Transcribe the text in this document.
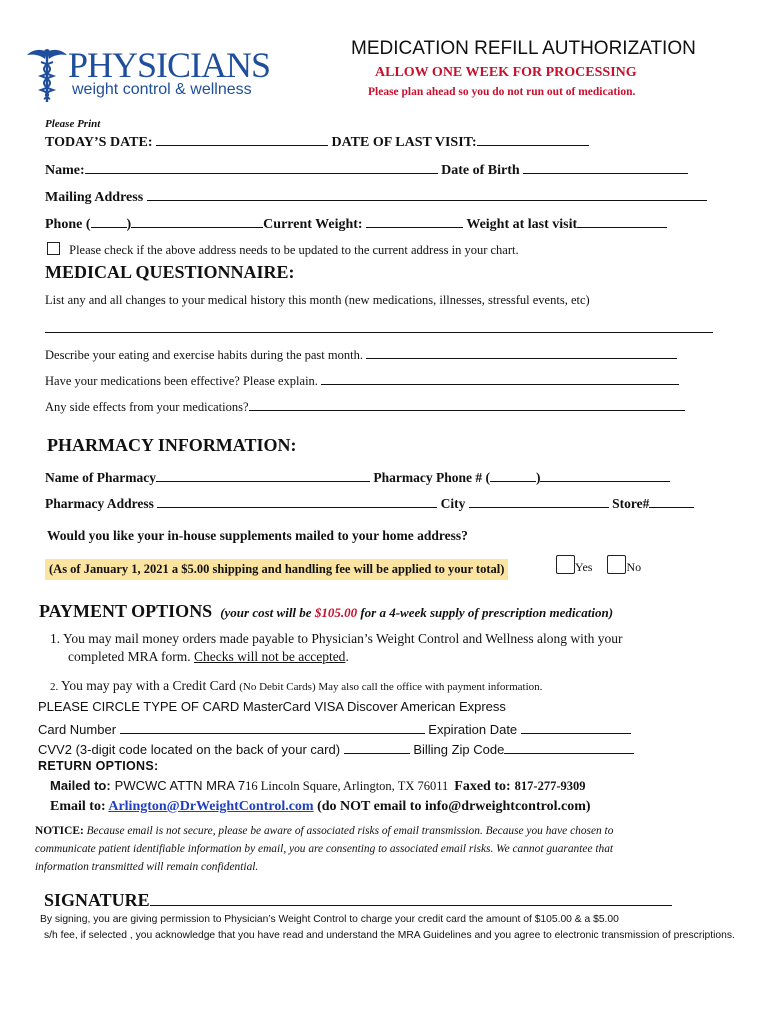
PHYSICIANS
weight control & wellness
MEDICATION REFILL AUTHORIZATION
ALLOW ONE WEEK FOR PROCESSING
Please plan ahead so you do not run out of medication.
Please Print
TODAY’S DATE:	DATE OF LAST VISIT:
Name:	Date of Birth
Mailing Address
Phone (	)	Current Weight:	Weight at last visit
Please check if the above address needs to be updated to the current address in your chart.
MEDICAL QUESTIONNAIRE:
List any and all changes to your medical history this month (new medications, illnesses, stressful events, etc)
Describe your eating and exercise habits during the past month.
Have your medications been effective? Please explain.
Any side effects from your medications?
PHARMACY INFORMATION:
Name of Pharmacy	Pharmacy Phone # (	)
Pharmacy Address	City	Store#
Would you like your in-house supplements mailed to your home address?
(As of January 1, 2021 a $5.00 shipping and handling fee will be applied to your total)	Yes	No
PAYMENT OPTIONS (your cost will be $105.00 for a 4-week supply of prescription medication)
1. You may mail money orders made payable to Physician’s Weight Control and Wellness along with your
completed MRA form. Checks will not be accepted.
2. You may pay with a Credit Card (No Debit Cards) May also call the office with payment information.
PLEASE CIRCLE TYPE OF CARD MasterCard VISA Discover American Express
Card Number	Expiration Date
CVV2 (3-digit code located on the back of your card)	Billing Zip Code
RETURN OPTIONS:
Mailed to: PWCWC ATTN MRA 716 Lincoln Square, Arlington, TX 76011 Faxed to: 817-277-9309
Email to: Arlington@DrWeightControl.com (do NOT email to info@drweightcontrol.com)
NOTICE: Because email is not secure, please be aware of associated risks of email transmission. Because you have chosen to
communicate patient identifiable information by email, you are consenting to associated email risks. We cannot guarantee that
information transmitted will remain confidential.
SIGNATURE
By signing, you are giving permission to Physician’s Weight Control to charge your credit card the amount of $105.00 & a $5.00
s/h fee, if selected , you acknowledge that you have read and understand the MRA Guidelines and you agree to electronic transmission of prescriptions.
